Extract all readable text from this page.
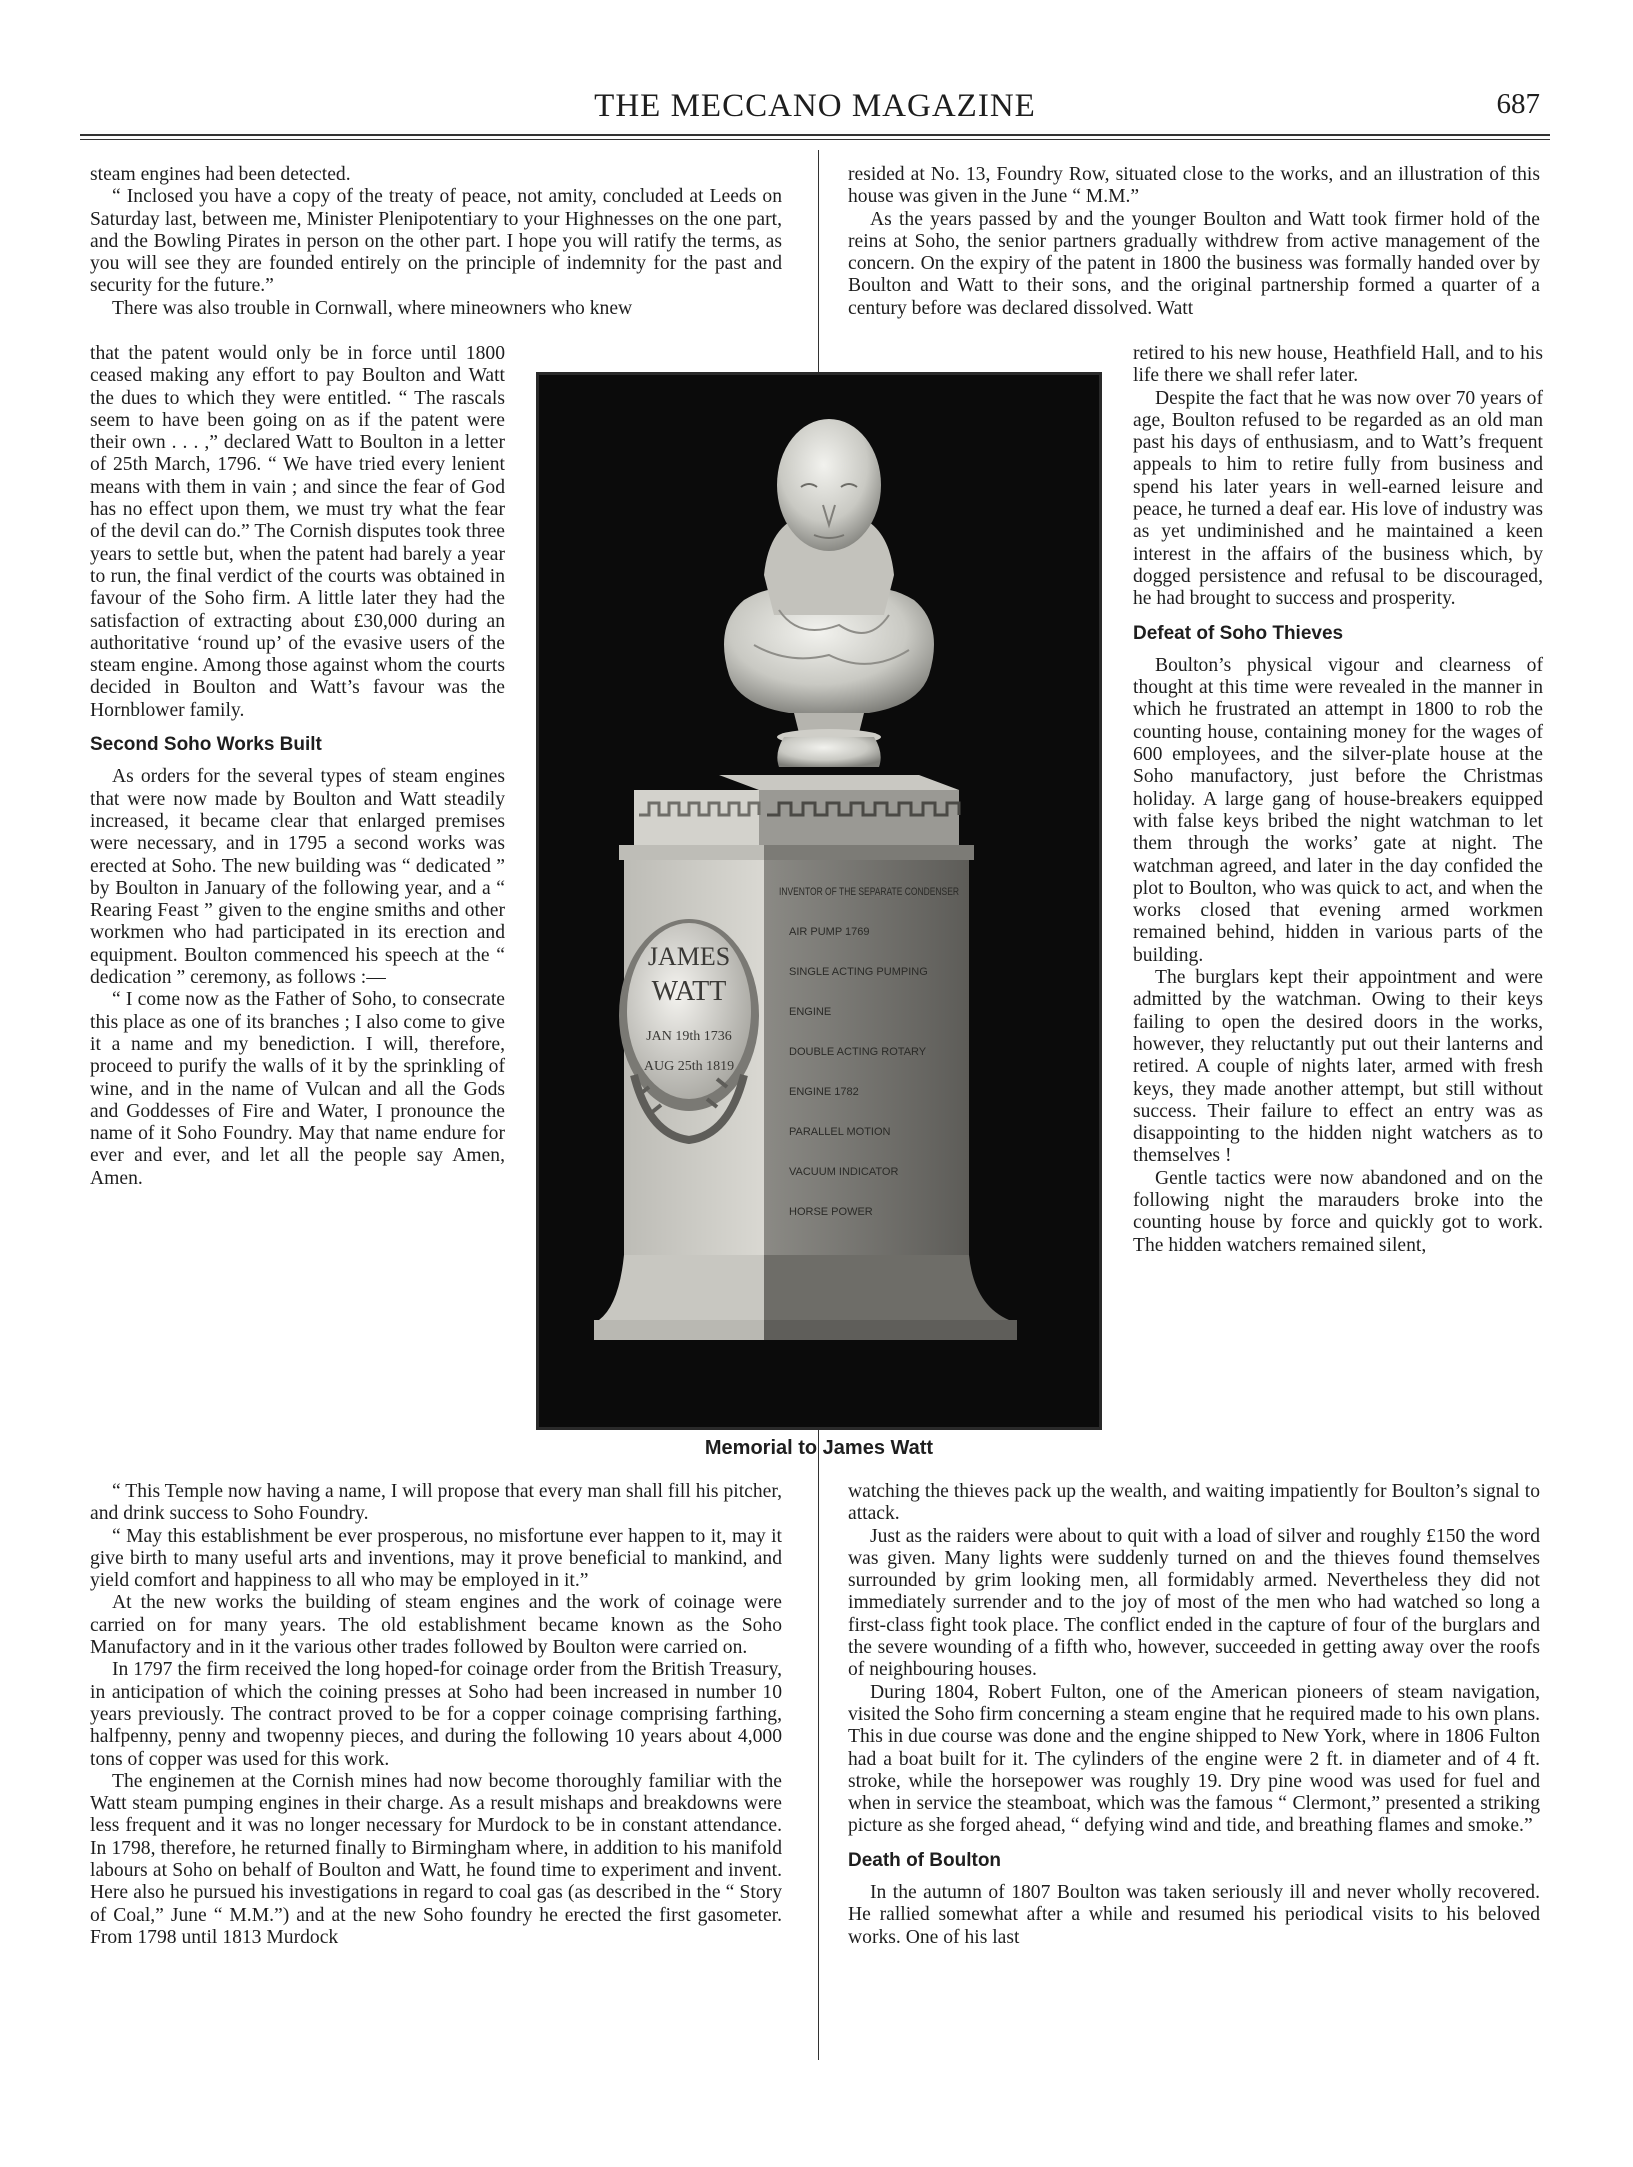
THE MECCANO MAGAZINE	687

steam engines had been detected.

“ Inclosed you have a copy of the treaty of peace, not amity, concluded at Leeds on Saturday last, between me, Minister Plenipotentiary to your Highnesses on the one part, and the Bowling Pirates in person on the other part. I hope you will ratify the terms, as you will see they are founded entirely on the principle of indemnity for the past and security for the future.”

There was also trouble in Cornwall, where mineowners who knew

that the patent would only be in force until 1800 ceased making any effort to pay Boulton and Watt the dues to which they were entitled. “ The rascals seem to have been going on as if the patent were their own . . . ,” declared Watt to Boulton in a letter of 25th March, 1796. “ We have tried every lenient means with them in vain ; and since the fear of God has no effect upon them, we must try what the fear of the devil can do.” The Cornish disputes took three years to settle but, when the patent had barely a year to run, the final verdict of the courts was obtained in favour of the Soho firm. A little later they had the satisfaction of extracting about £30,000 during an authoritative ‘round up’ of the evasive users of the steam engine. Among those against whom the courts decided in Boulton and Watt’s favour was the Hornblower family.

Second Soho Works Built

As orders for the several types of steam engines that were now made by Boulton and Watt steadily increased, it became clear that enlarged premises were necessary, and in 1795 a second works was erected at Soho. The new building was “ dedicated ” by Boulton in January of the following year, and a “ Rearing Feast ” given to the engine smiths and other workmen who had participated in its erection and equipment. Boulton commenced his speech at the “ dedication ” ceremony, as follows :—

“ I come now as the Father of Soho, to consecrate this place as one of its branches ; I also come to give it a name and my benediction. I will, therefore, proceed to purify the walls of it by the sprinkling of wine, and in the name of Vulcan and all the Gods and Goddesses of Fire and Water, I pronounce the name of it Soho Foundry. May that name endure for ever and ever, and let all the people say Amen, Amen.

“ This Temple now having a name, I will propose that every man shall fill his pitcher, and drink success to Soho Foundry.

“ May this establishment be ever prosperous, no misfortune ever happen to it, may it give birth to many useful arts and inventions, may it prove beneficial to mankind, and yield comfort and happiness to all who may be employed in it.”

At the new works the building of steam engines and the work of coinage were carried on for many years. The old establishment became known as the Soho Manufactory and in it the various other trades followed by Boulton were carried on.

In 1797 the firm received the long hoped-for coinage order from the British Treasury, in anticipation of which the coining presses at Soho had been increased in number 10 years previously. The contract proved to be for a copper coinage comprising farthing, halfpenny, penny and twopenny pieces, and during the following 10 years about 4,000 tons of copper was used for this work.

The enginemen at the Cornish mines had now become thoroughly familiar with the Watt steam pumping engines in their charge. As a result mishaps and breakdowns were less frequent and it was no longer necessary for Murdock to be in constant attendance. In 1798, therefore, he returned finally to Birmingham where, in addition to his manifold labours at Soho on behalf of Boulton and Watt, he found time to experiment and invent. Here also he pursued his investigations in regard to coal gas (as described in the “ Story of Coal,” June “ M.M.”) and at the new Soho foundry he erected the first gasometer. From 1798 until 1813 Murdock

resided at No. 13, Foundry Row, situated close to the works, and an illustration of this house was given in the June “ M.M.”

As the years passed by and the younger Boulton and Watt took firmer hold of the reins at Soho, the senior partners gradually withdrew from active management of the concern. On the expiry of the patent in 1800 the business was formally handed over by Boulton and Watt to their sons, and the original partnership formed a quarter of a century before was declared dissolved. Watt

retired to his new house, Heathfield Hall, and to his life there we shall refer later.

Despite the fact that he was now over 70 years of age, Boulton refused to be regarded as an old man past his days of enthusiasm, and to Watt’s frequent appeals to him to retire fully from business and spend his later years in well-earned leisure and peace, he turned a deaf ear. His love of industry was as yet undiminished and he maintained a keen interest in the affairs of the business which, by dogged persistence and refusal to be discouraged, he had brought to success and prosperity.

Defeat of Soho Thieves

Boulton’s physical vigour and clearness of thought at this time were revealed in the manner in which he frustrated an attempt in 1800 to rob the counting house, containing money for the wages of 600 employees, and the silver-plate house at the Soho manufactory, just before the Christmas holiday. A large gang of house-breakers equipped with false keys bribed the night watchman to let them through the works’ gate at night. The watchman agreed, and later in the day confided the plot to Boulton, who was quick to act, and when the works closed that evening armed workmen remained behind, hidden in various parts of the building.

The burglars kept their appointment and were admitted by the watchman. Owing to their keys failing to open the desired doors in the works, however, they reluctantly put out their lanterns and retired. A couple of nights later, armed with fresh keys, they made another attempt, but still without success. Their failure to effect an entry was as disappointing to the hidden night watchers as to themselves !

Gentle tactics were now abandoned and on the following night the marauders broke into the counting house by force and quickly got to work. The hidden watchers remained silent,

watching the thieves pack up the wealth, and waiting impatiently for Boulton’s signal to attack.

Just as the raiders were about to quit with a load of silver and roughly £150 the word was given. Many lights were suddenly turned on and the thieves found themselves surrounded by grim looking men, all formidably armed. Nevertheless they did not immediately surrender and to the joy of most of the men who had watched so long a first-class fight took place. The conflict ended in the capture of four of the burglars and the severe wounding of a fifth who, however, succeeded in getting away over the roofs of neighbouring houses.

During 1804, Robert Fulton, one of the American pioneers of steam navigation, visited the Soho firm concerning a steam engine that he required made to his own plans. This in due course was done and the engine shipped to New York, where in 1806 Fulton had a boat built for it. The cylinders of the engine were 2 ft. in diameter and of 4 ft. stroke, while the horsepower was roughly 19. Dry pine wood was used for fuel and when in service the steamboat, which was the famous “ Clermont,” presented a striking picture as she forged ahead, “ defying wind and tide, and breathing flames and smoke.”

Death of Boulton

In the autumn of 1807 Boulton was taken seriously ill and never wholly recovered. He rallied somewhat after a while and resumed his periodical visits to his beloved works. One of his last

JAMES
WATT
JAN 19th 1736
AUG 25th 1819
INVENTOR OF THE SEPARATE CONDENSER
AIR PUMP 1769
SINGLE ACTING PUMPING
ENGINE
DOUBLE ACTING ROTARY
ENGINE 1782
PARALLEL MOTION
VACUUM INDICATOR
HORSE POWER
Memorial to James Watt
